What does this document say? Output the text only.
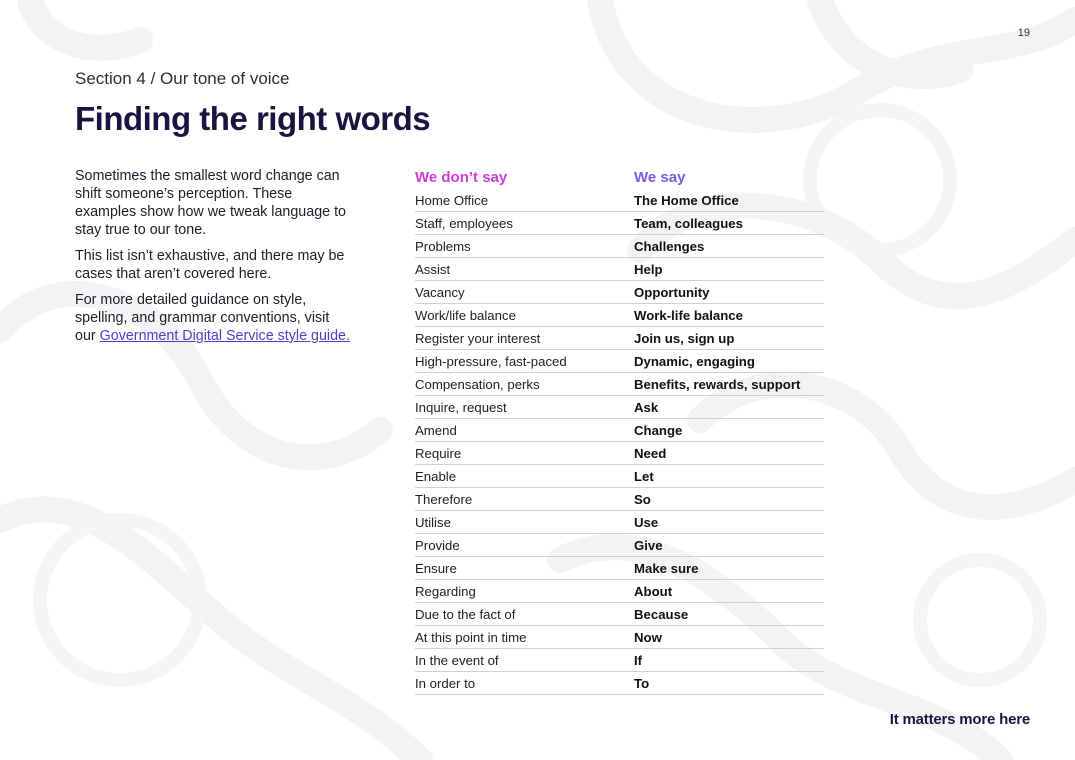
19
Section 4 / Our tone of voice
Finding the right words

Sometimes the smallest word change can shift someone’s perception. These examples show how we tweak language to stay true to our tone.

This list isn’t exhaustive, and there may be cases that aren’t covered here.

For more detailed guidance on style, spelling, and grammar conventions, visit our Government Digital Service style guide.

We don’t say	We say
Home Office	The Home Office
Staff, employees	Team, colleagues
Problems	Challenges
Assist	Help
Vacancy	Opportunity
Work/life balance	Work-life balance
Register your interest	Join us, sign up
High-pressure, fast-paced	Dynamic, engaging
Compensation, perks	Benefits, rewards, support
Inquire, request	Ask
Amend	Change
Require	Need
Enable	Let
Therefore	So
Utilise	Use
Provide	Give
Ensure	Make sure
Regarding	About
Due to the fact of	Because
At this point in time	Now
In the event of	If
In order to	To
It matters more here
